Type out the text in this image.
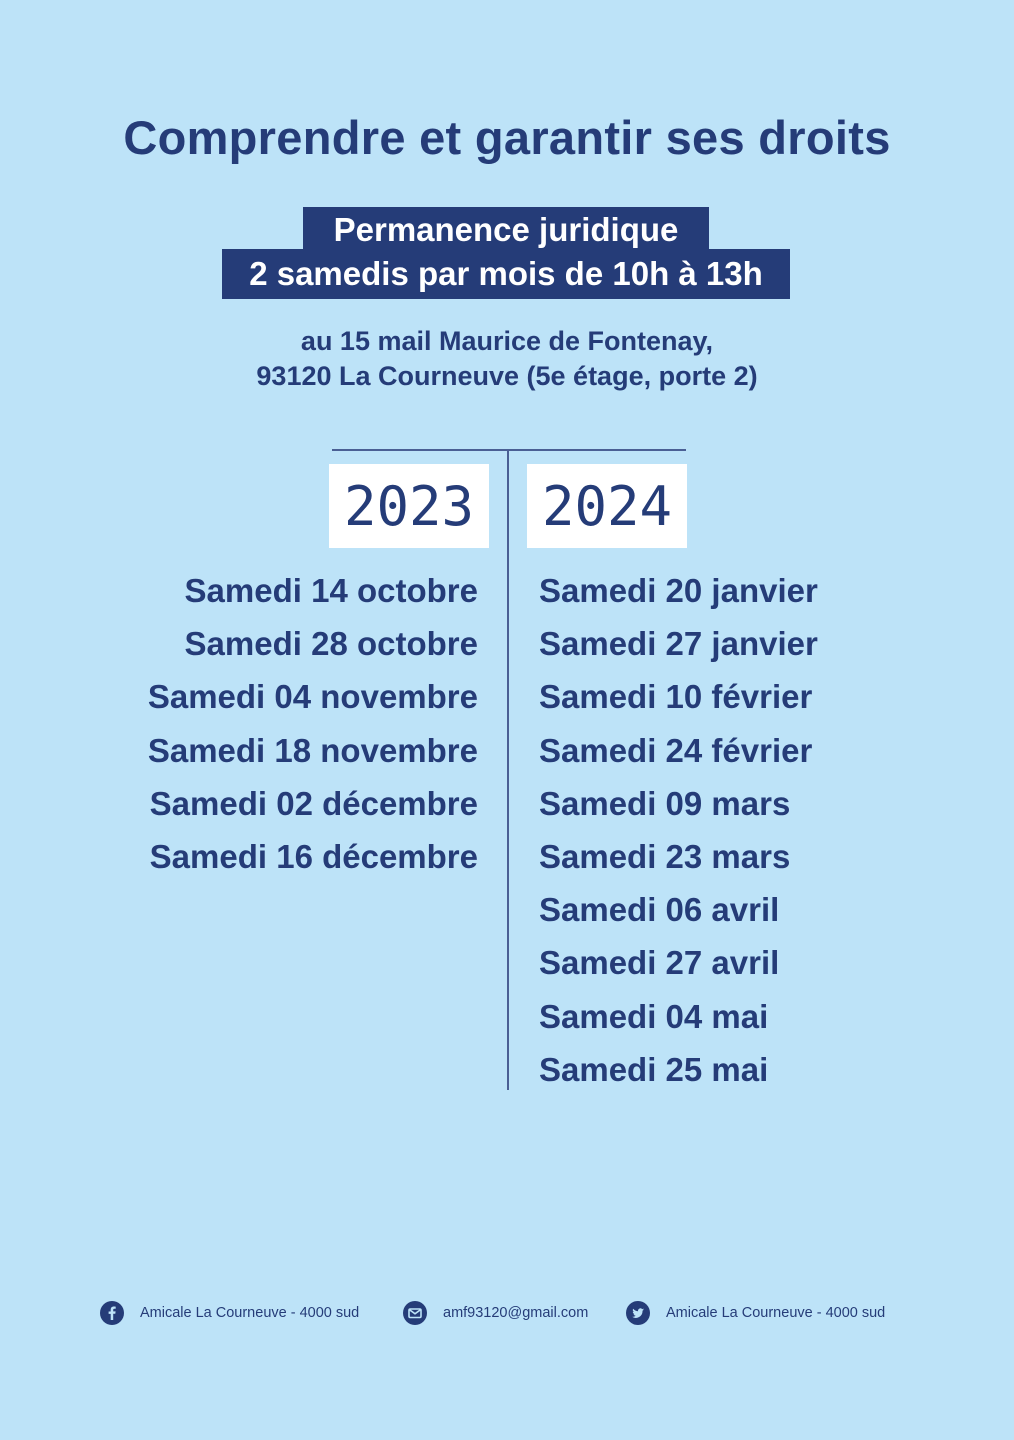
Comprendre et garantir ses droits
Permanence juridique
2 samedis par mois de 10h à 13h
au 15 mail Maurice de Fontenay,
93120 La Courneuve (5e étage, porte 2)
2023 2024
Samedi 14 octobre
Samedi 28 octobre
Samedi 04 novembre
Samedi 18 novembre
Samedi 02 décembre
Samedi 16 décembre
Samedi 20 janvier
Samedi 27 janvier
Samedi 10 février
Samedi 24 février
Samedi 09 mars
Samedi 23 mars
Samedi 06 avril
Samedi 27 avril
Samedi 04 mai
Samedi 25 mai
Amicale La Courneuve - 4000 sud	amf93120@gmail.com	Amicale La Courneuve - 4000 sud
